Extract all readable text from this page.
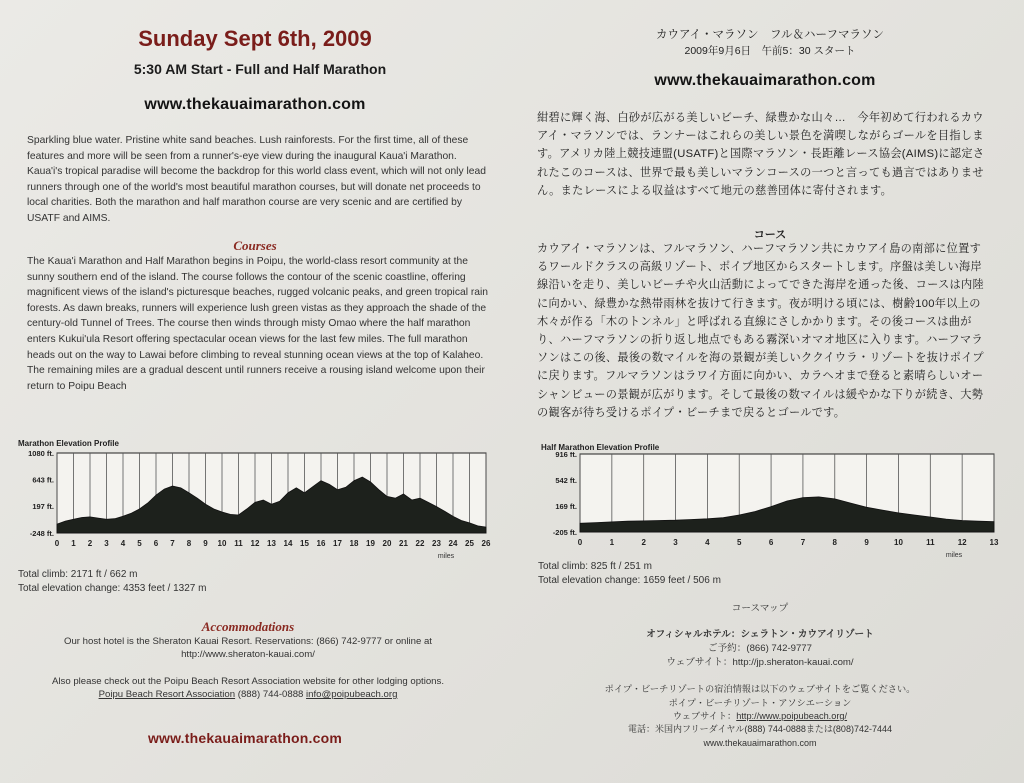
Sunday Sept 6th, 2009
5:30 AM Start - Full and Half Marathon
www.thekauaimarathon.com

Sparkling blue water. Pristine white sand beaches. Lush rainforests. For the first time, all of these features and more will be seen from a runner's-eye view during the inaugural Kaua'i Marathon. Kaua'i's tropical paradise will become the backdrop for this world class event, which will not only lead runners through one of the world's most beautiful marathon courses, but will donate net proceeds to local charities. Both the marathon and half marathon course are very scenic and are certified by USATF and AIMS.

Courses

The Kaua'i Marathon and Half Marathon begins in Poipu, the world-class resort community at the sunny southern end of the island. The course follows the contour of the scenic coastline, offering magnificent views of the island's picturesque beaches, rugged volcanic peaks, and green tropical rain forests. As dawn breaks, runners will experience lush green vistas as they approach the shade of the century-old Tunnel of Trees. The course then winds through misty Omao where the half marathon enters Kukui'ula Resort offering spectacular ocean views for the last few miles. The full marathon heads out on the way to Lawai before climbing to reveal stunning ocean views at the top of Kalaheo. The remaining miles are a gradual descent until runners receive a rousing island welcome upon their return to Poipu Beach

Marathon Elevation Profile
1080 ft.
643 ft.
197 ft.
-248 ft.
0 1 2 3 4 5 6 7 8 9 10 11 12 13 14 15 16 17 18 19 20 21 22 23 24 25 26
miles
Total climb: 2171 ft / 662 m
Total elevation change: 4353 feet / 1327 m
Accommodations
Our host hotel is the Sheraton Kauai Resort. Reservations: (866) 742-9777 or online at
http://www.sheraton-kauai.com/
Also please check out the Poipu Beach Resort Association website for other lodging options.
Poipu Beach Resort Association (888) 744-0888 info@poipubeach.org
www.thekauaimarathon.com
カウアイ・マラソン　フル＆ハーフマラソン
2009年9月6日　午前5：30 スタート
www.thekauaimarathon.com

紺碧に輝く海、白砂が広がる美しいビーチ、緑豊かな山々…　今年初めて行われるカウアイ・マラソンでは、ランナーはこれらの美しい景色を満喫しながらゴールを目指します。アメリカ陸上競技連盟(USATF)と国際マラソン・長距離レース協会(AIMS)に認定されたこのコースは、世界で最も美しいマランコースの一つと言っても過言ではありません。またレースによる収益はすべて地元の慈善団体に寄付されます。

コース

カウアイ・マラソンは、フルマラソン、ハーフマラソン共にカウアイ島の南部に位置するワールドクラスの高級リゾート、ポイプ地区からスタートします。序盤は美しい海岸線沿いを走り、美しいビーチや火山活動によってできた海岸を通った後、コースは内陸に向かい、緑豊かな熱帯雨林を抜けて行きます。夜が明ける頃には、樹齢100年以上の木々が作る「木のトンネル」と呼ばれる直線にさしかかります。その後コースは曲がり、ハーフマラソンの折り返し地点でもある霧深いオマオ地区に入ります。ハーフマラソンはこの後、最後の数マイルを海の景観が美しいククイウラ・リゾートを抜けポイプに戻ります。フルマラソンはラワイ方面に向かい、カラヘオまで登ると素晴らしいオーシャンビューの景観が広がります。そして最後の数マイルは緩やかな下りが続き、大勢の観客が待ち受けるポイプ・ビーチまで戻るとゴールです。

Half Marathon Elevation Profile
916 ft.
542 ft.
169 ft.
-205 ft.
0	1	2	3	4	5	6	7	8	9	10	11	12	13
miles
Total climb: 825 ft / 251 m
Total elevation change: 1659 feet / 506 m
コースマップ
オフィシャルホテル：シェラトン・カウアイリゾート
ご予約：(866) 742-9777
ウェブサイト：http://jp.sheraton-kauai.com/
ポイプ・ビーチリゾートの宿泊情報は以下のウェブサイトをご覧ください。
ポイプ・ビーチリゾート・アソシエーション
ウェブサイト：http://www.poipubeach.org/
電話：米国内フリーダイヤル(888) 744-0888または(808)742-7444
www.thekauaimarathon.com
